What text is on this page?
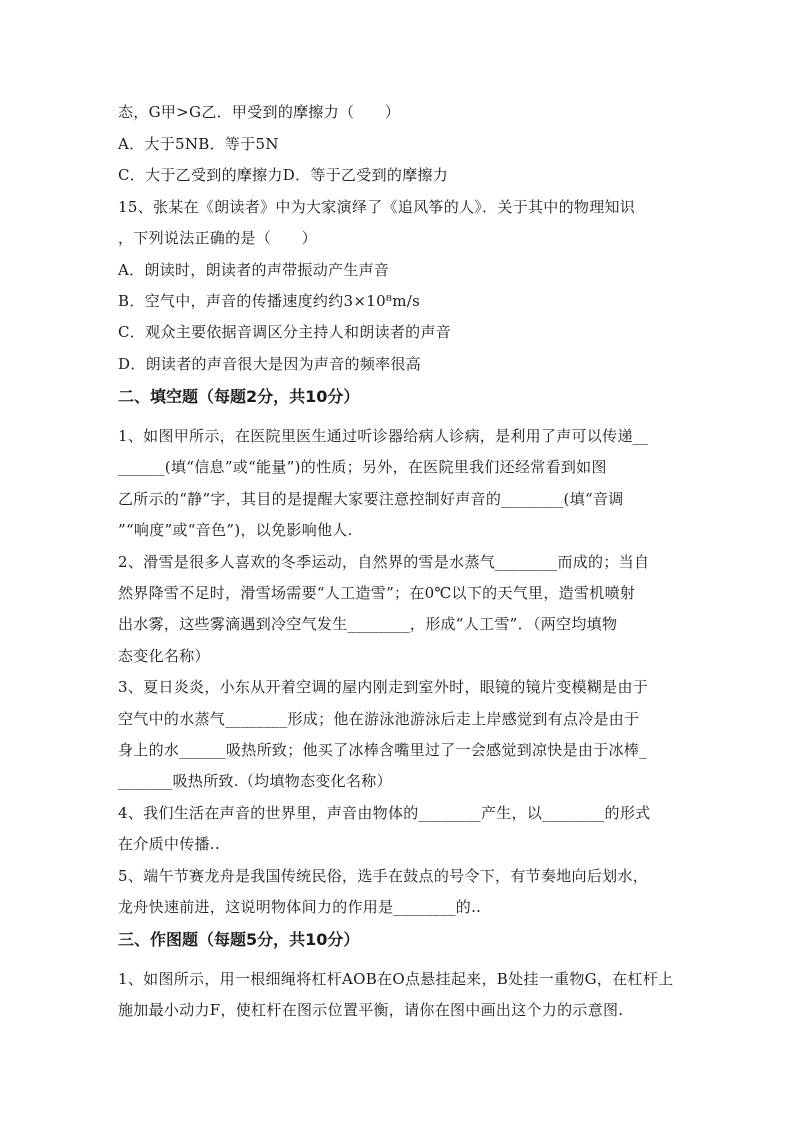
态，G甲>G乙．甲受到的摩擦力（　　）
A．大于5NB．等于5N
C．大于乙受到的摩擦力D．等于乙受到的摩擦力
15、张某在《朗读者》中为大家演绎了《追风筝的人》．关于其中的物理知识
，下列说法正确的是（　　）
A．朗读时，朗读者的声带振动产生声音
B．空气中，声音的传播速度约约3×10⁸m/s
C．观众主要依据音调区分主持人和朗读者的声音
D．朗读者的声音很大是因为声音的频率很高
二、填空题（每题2分，共10分）
1、如图甲所示，在医院里医生通过听诊器给病人诊病，是利用了声可以传递__
______(填“信息”或“能量”)的性质；另外，在医院里我们还经常看到如图
乙所示的“静”字，其目的是提醒大家要注意控制好声音的________(填“音调
”“响度”或“音色”)，以免影响他人.
2、滑雪是很多人喜欢的冬季运动，自然界的雪是水蒸气________而成的；当自
然界降雪不足时，滑雪场需要“人工造雪”；在0℃以下的天气里，造雪机喷射
出水雾，这些雾滴遇到冷空气发生________，形成“人工雪”．（两空均填物
态变化名称）
3、夏日炎炎，小东从开着空调的屋内刚走到室外时，眼镜的镜片变模糊是由于
空气中的水蒸气________形成；他在游泳池游泳后走上岸感觉到有点冷是由于
身上的水______吸热所致；他买了冰棒含嘴里过了一会感觉到凉快是由于冰棒_
_______吸热所致.（均填物态变化名称）
4、我们生活在声音的世界里，声音由物体的________产生，以________的形式
在介质中传播..
5、端午节赛龙舟是我国传统民俗，选手在鼓点的号令下，有节奏地向后划水，
龙舟快速前进，这说明物体间力的作用是________的..
三、作图题（每题5分，共10分）
1、如图所示，用一根细绳将杠杆AOB在O点悬挂起来，B处挂一重物G，在杠杆上
施加最小动力F，使杠杆在图示位置平衡，请你在图中画出这个力的示意图.
